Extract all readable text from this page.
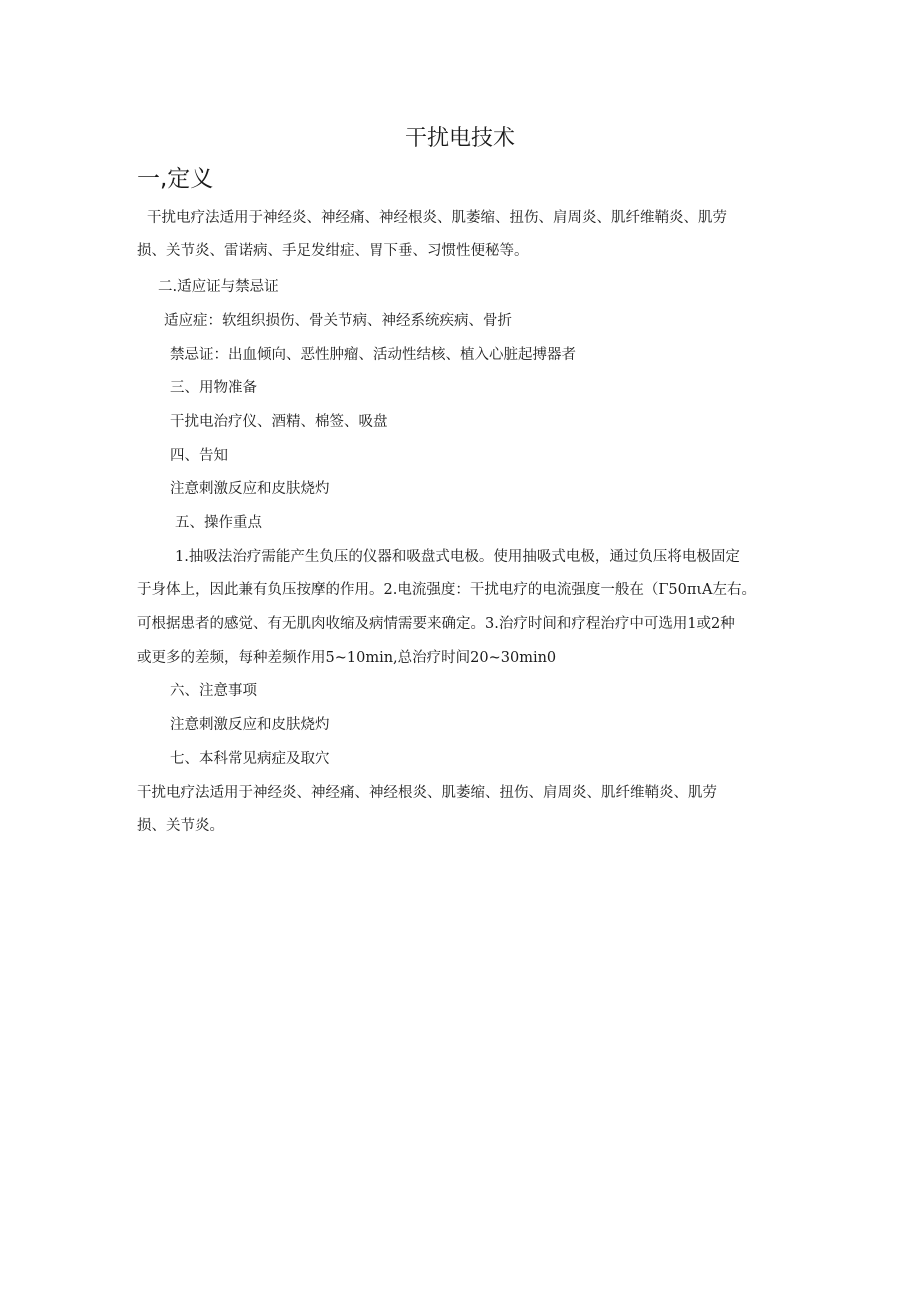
干扰电技术
一,定义
干扰电疗法适用于神经炎、神经痛、神经根炎、肌萎缩、扭伤、肩周炎、肌纤维鞘炎、肌劳
损、关节炎、雷诺病、手足发绀症、胃下垂、习惯性便秘等。
二.适应证与禁忌证
适应症：软组织损伤、骨关节病、神经系统疾病、骨折
禁忌证：出血倾向、恶性肿瘤、活动性结核、植入心脏起搏器者
三、用物准备
干扰电治疗仪、酒精、棉签、吸盘
四、告知
注意刺激反应和皮肤烧灼
五、操作重点
1.抽吸法治疗需能产生负压的仪器和吸盘式电极。使用抽吸式电极，通过负压将电极固定
于身体上，因此兼有负压按摩的作用。2.电流强度：干扰电疗的电流强度一般在（Γ50πιA左右。
可根据患者的感觉、有无肌肉收缩及病情需要来确定。3.治疗时间和疗程治疗中可选用1或2种
或更多的差频，每种差频作用5~10min,总治疗时间20~30min0
六、注意事项
注意刺激反应和皮肤烧灼
七、本科常见病症及取穴
干扰电疗法适用于神经炎、神经痛、神经根炎、肌萎缩、扭伤、肩周炎、肌纤维鞘炎、肌劳
损、关节炎。
